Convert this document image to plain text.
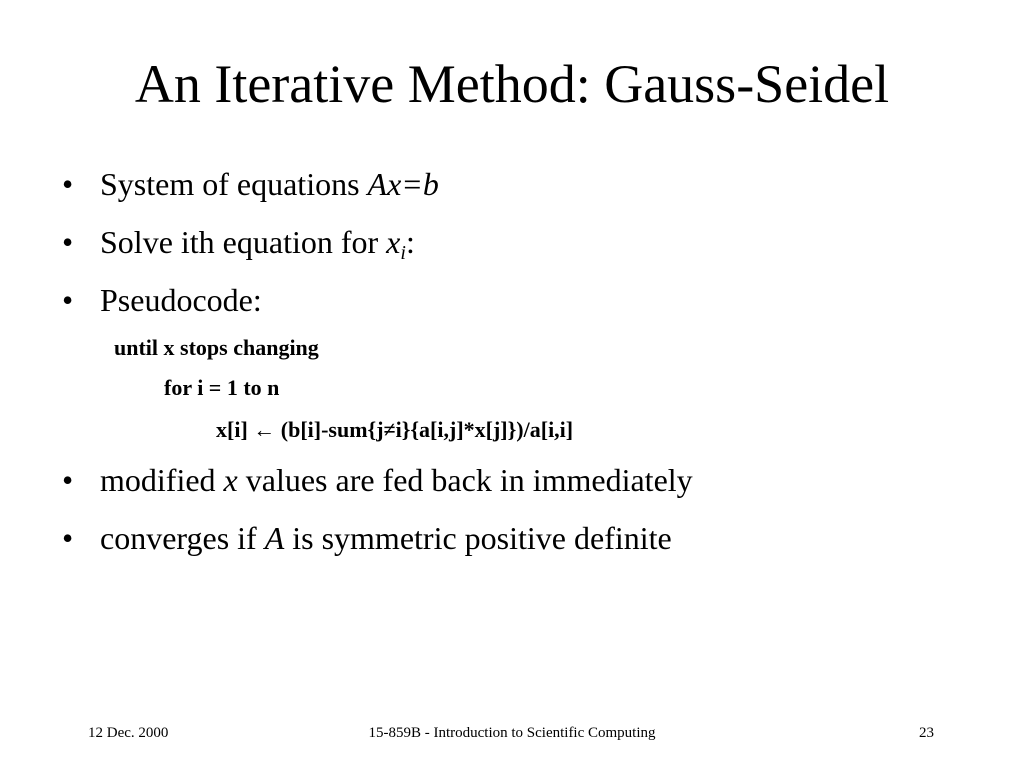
An Iterative Method: Gauss-Seidel
• System of equations Ax=b
• Solve ith equation for $x_i$:
• Pseudocode:
until x stops changing
for i = 1 to n
x[i] ← (b[i]-sum{j≠i}{a[i,j]*x[j]})/a[i,i]
• modified x values are fed back in immediately
• converges if A is symmetric positive definite
12 Dec. 2000	15-859B - Introduction to Scientific Computing	23
